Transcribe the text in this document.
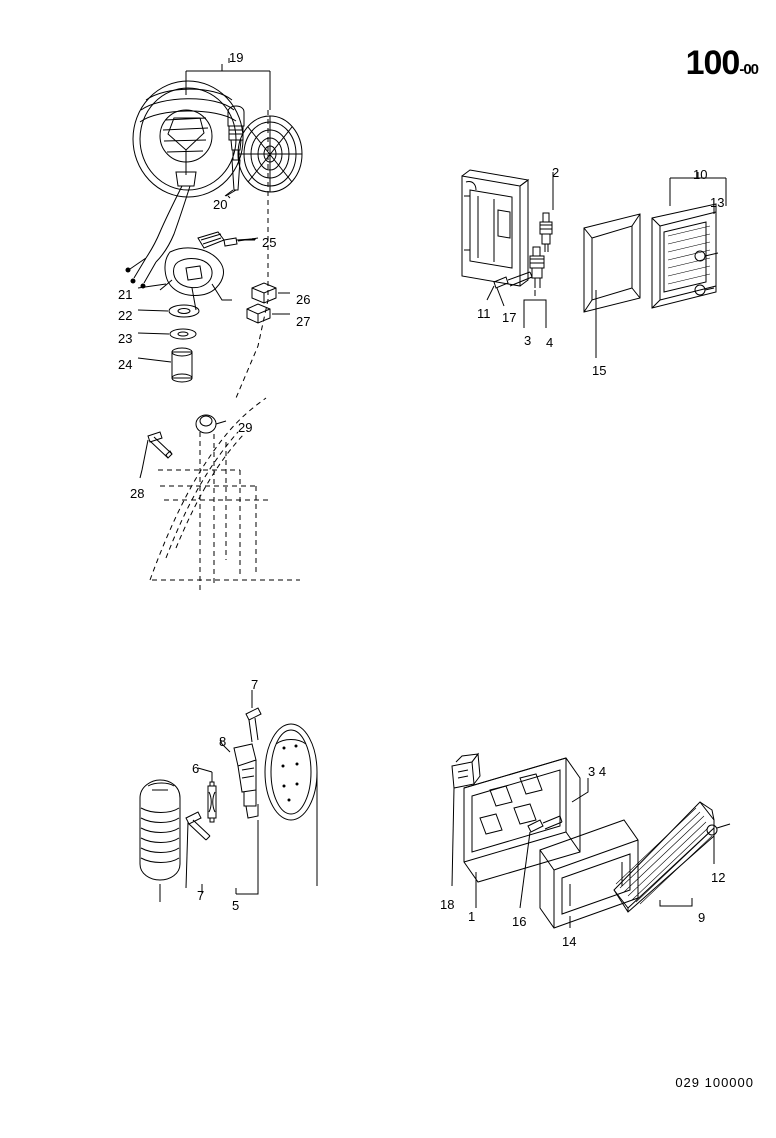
100-00
029 100000
19
20
25
21
22
23
24
26
27
29
28
2	10
13
11 17
3 4
15
7
8
6
7
5	18
1	16
14
3 4
12
9
